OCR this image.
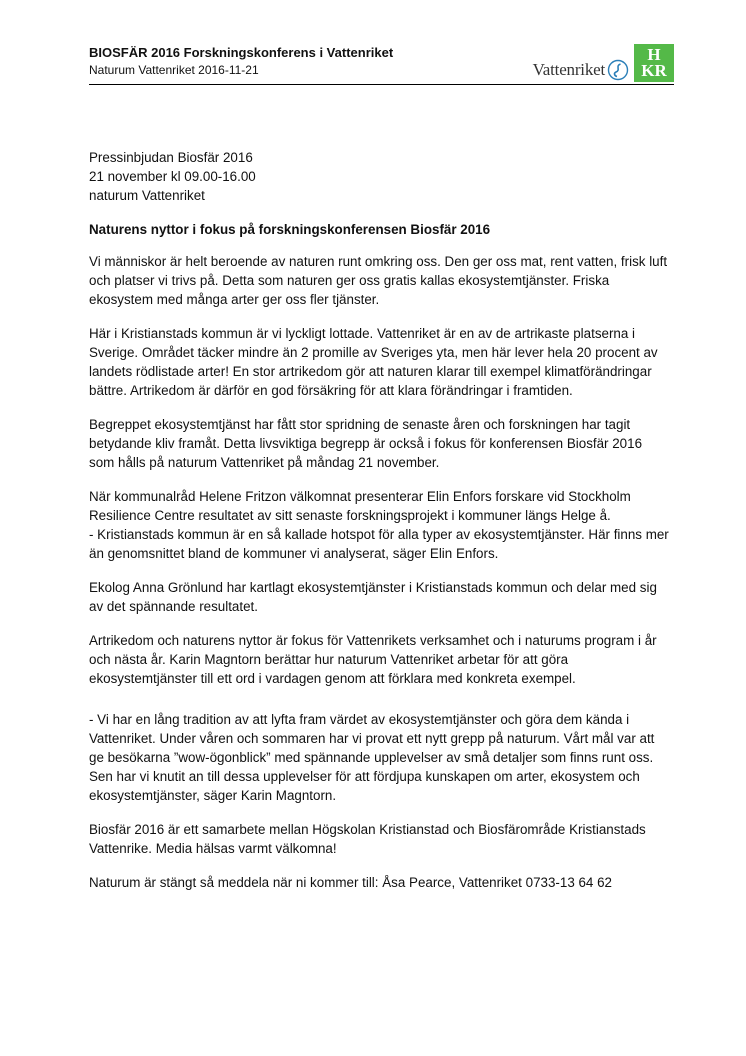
BIOSFÄR 2016 Forskningskonferens i Vattenriket
Naturum Vattenriket 2016-11-21	Vattenriket
H
KR

Pressinbjudan Biosfär 2016

21 november kl 09.00-16.00

naturum Vattenriket

Naturens nyttor i fokus på forskningskonferensen Biosfär 2016

Vi människor är helt beroende av naturen runt omkring oss. Den ger oss mat, rent vatten, frisk luft och platser vi trivs på. Detta som naturen ger oss gratis kallas ekosystemtjänster. Friska ekosystem med många arter ger oss fler tjänster.

Här i Kristianstads kommun är vi lyckligt lottade. Vattenriket är en av de artrikaste platserna i Sverige. Området täcker mindre än 2 promille av Sveriges yta, men här lever hela 20 procent av landets rödlistade arter! En stor artrikedom gör att naturen klarar till exempel klimatförändringar bättre. Artrikedom är därför en god försäkring för att klara förändringar i framtiden.

Begreppet ekosystemtjänst har fått stor spridning de senaste åren och forskningen har tagit betydande kliv framåt. Detta livsviktiga begrepp är också i fokus för konferensen Biosfär 2016 som hålls på naturum Vattenriket på måndag 21 november.

När kommunalråd Helene Fritzon välkomnat presenterar Elin Enfors forskare vid Stockholm Resilience Centre resultatet av sitt senaste forskningsprojekt i kommuner längs Helge å.

- Kristianstads kommun är en så kallade hotspot för alla typer av ekosystemtjänster. Här finns mer än genomsnittet bland de kommuner vi analyserat, säger Elin Enfors.

Ekolog Anna Grönlund har kartlagt ekosystemtjänster i Kristianstads kommun och delar med sig av det spännande resultatet.

Artrikedom och naturens nyttor är fokus för Vattenrikets verksamhet och i naturums program i år och nästa år. Karin Magntorn berättar hur naturum Vattenriket arbetar för att göra ekosystemtjänster till ett ord i vardagen genom att förklara med konkreta exempel.

- Vi har en lång tradition av att lyfta fram värdet av ekosystemtjänster och göra dem kända i Vattenriket. Under våren och sommaren har vi provat ett nytt grepp på naturum. Vårt mål var att ge besökarna ”wow-ögonblick” med spännande upplevelser av små detaljer som finns runt oss. Sen har vi knutit an till dessa upplevelser för att fördjupa kunskapen om arter, ekosystem och ekosystemtjänster, säger Karin Magntorn.

Biosfär 2016 är ett samarbete mellan Högskolan Kristianstad och Biosfärområde Kristianstads Vattenrike. Media hälsas varmt välkomna!

Naturum är stängt så meddela när ni kommer till: Åsa Pearce, Vattenriket 0733-13 64 62
